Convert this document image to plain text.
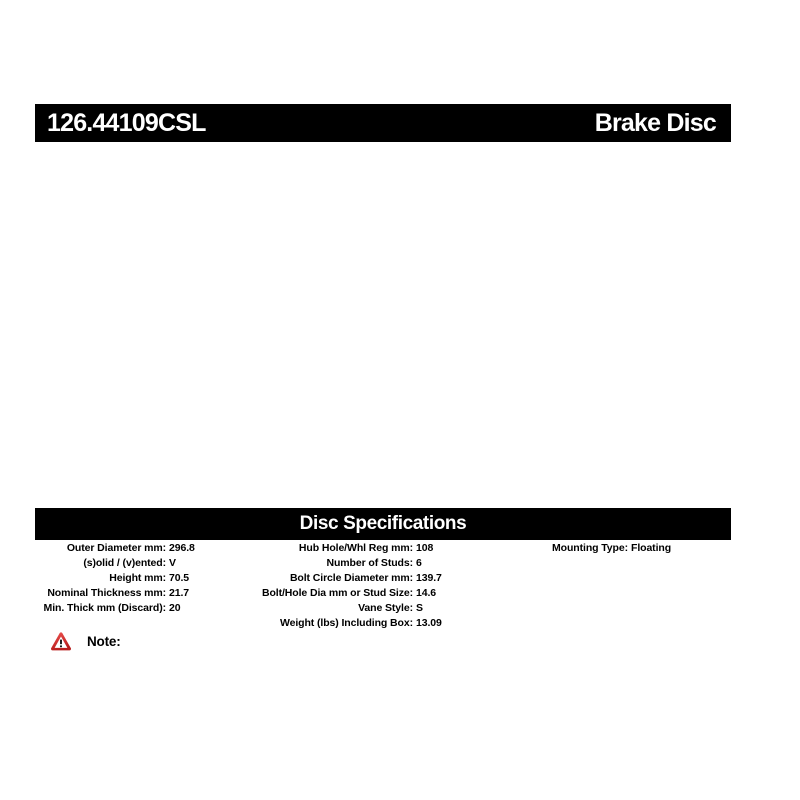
126.44109CSL	Brake Disc
Disc Specifications
Outer Diameter mm: 296.8
(s)olid / (v)ented: V
Height mm: 70.5
Nominal Thickness mm: 21.7
Min. Thick mm (Discard): 20
Hub Hole/Whl Reg mm: 108
Number of Studs: 6
Bolt Circle Diameter mm: 139.7
Bolt/Hole Dia mm or Stud Size: 14.6
Vane Style: S
Weight (lbs) Including Box: 13.09
Mounting Type: Floating
Note:
